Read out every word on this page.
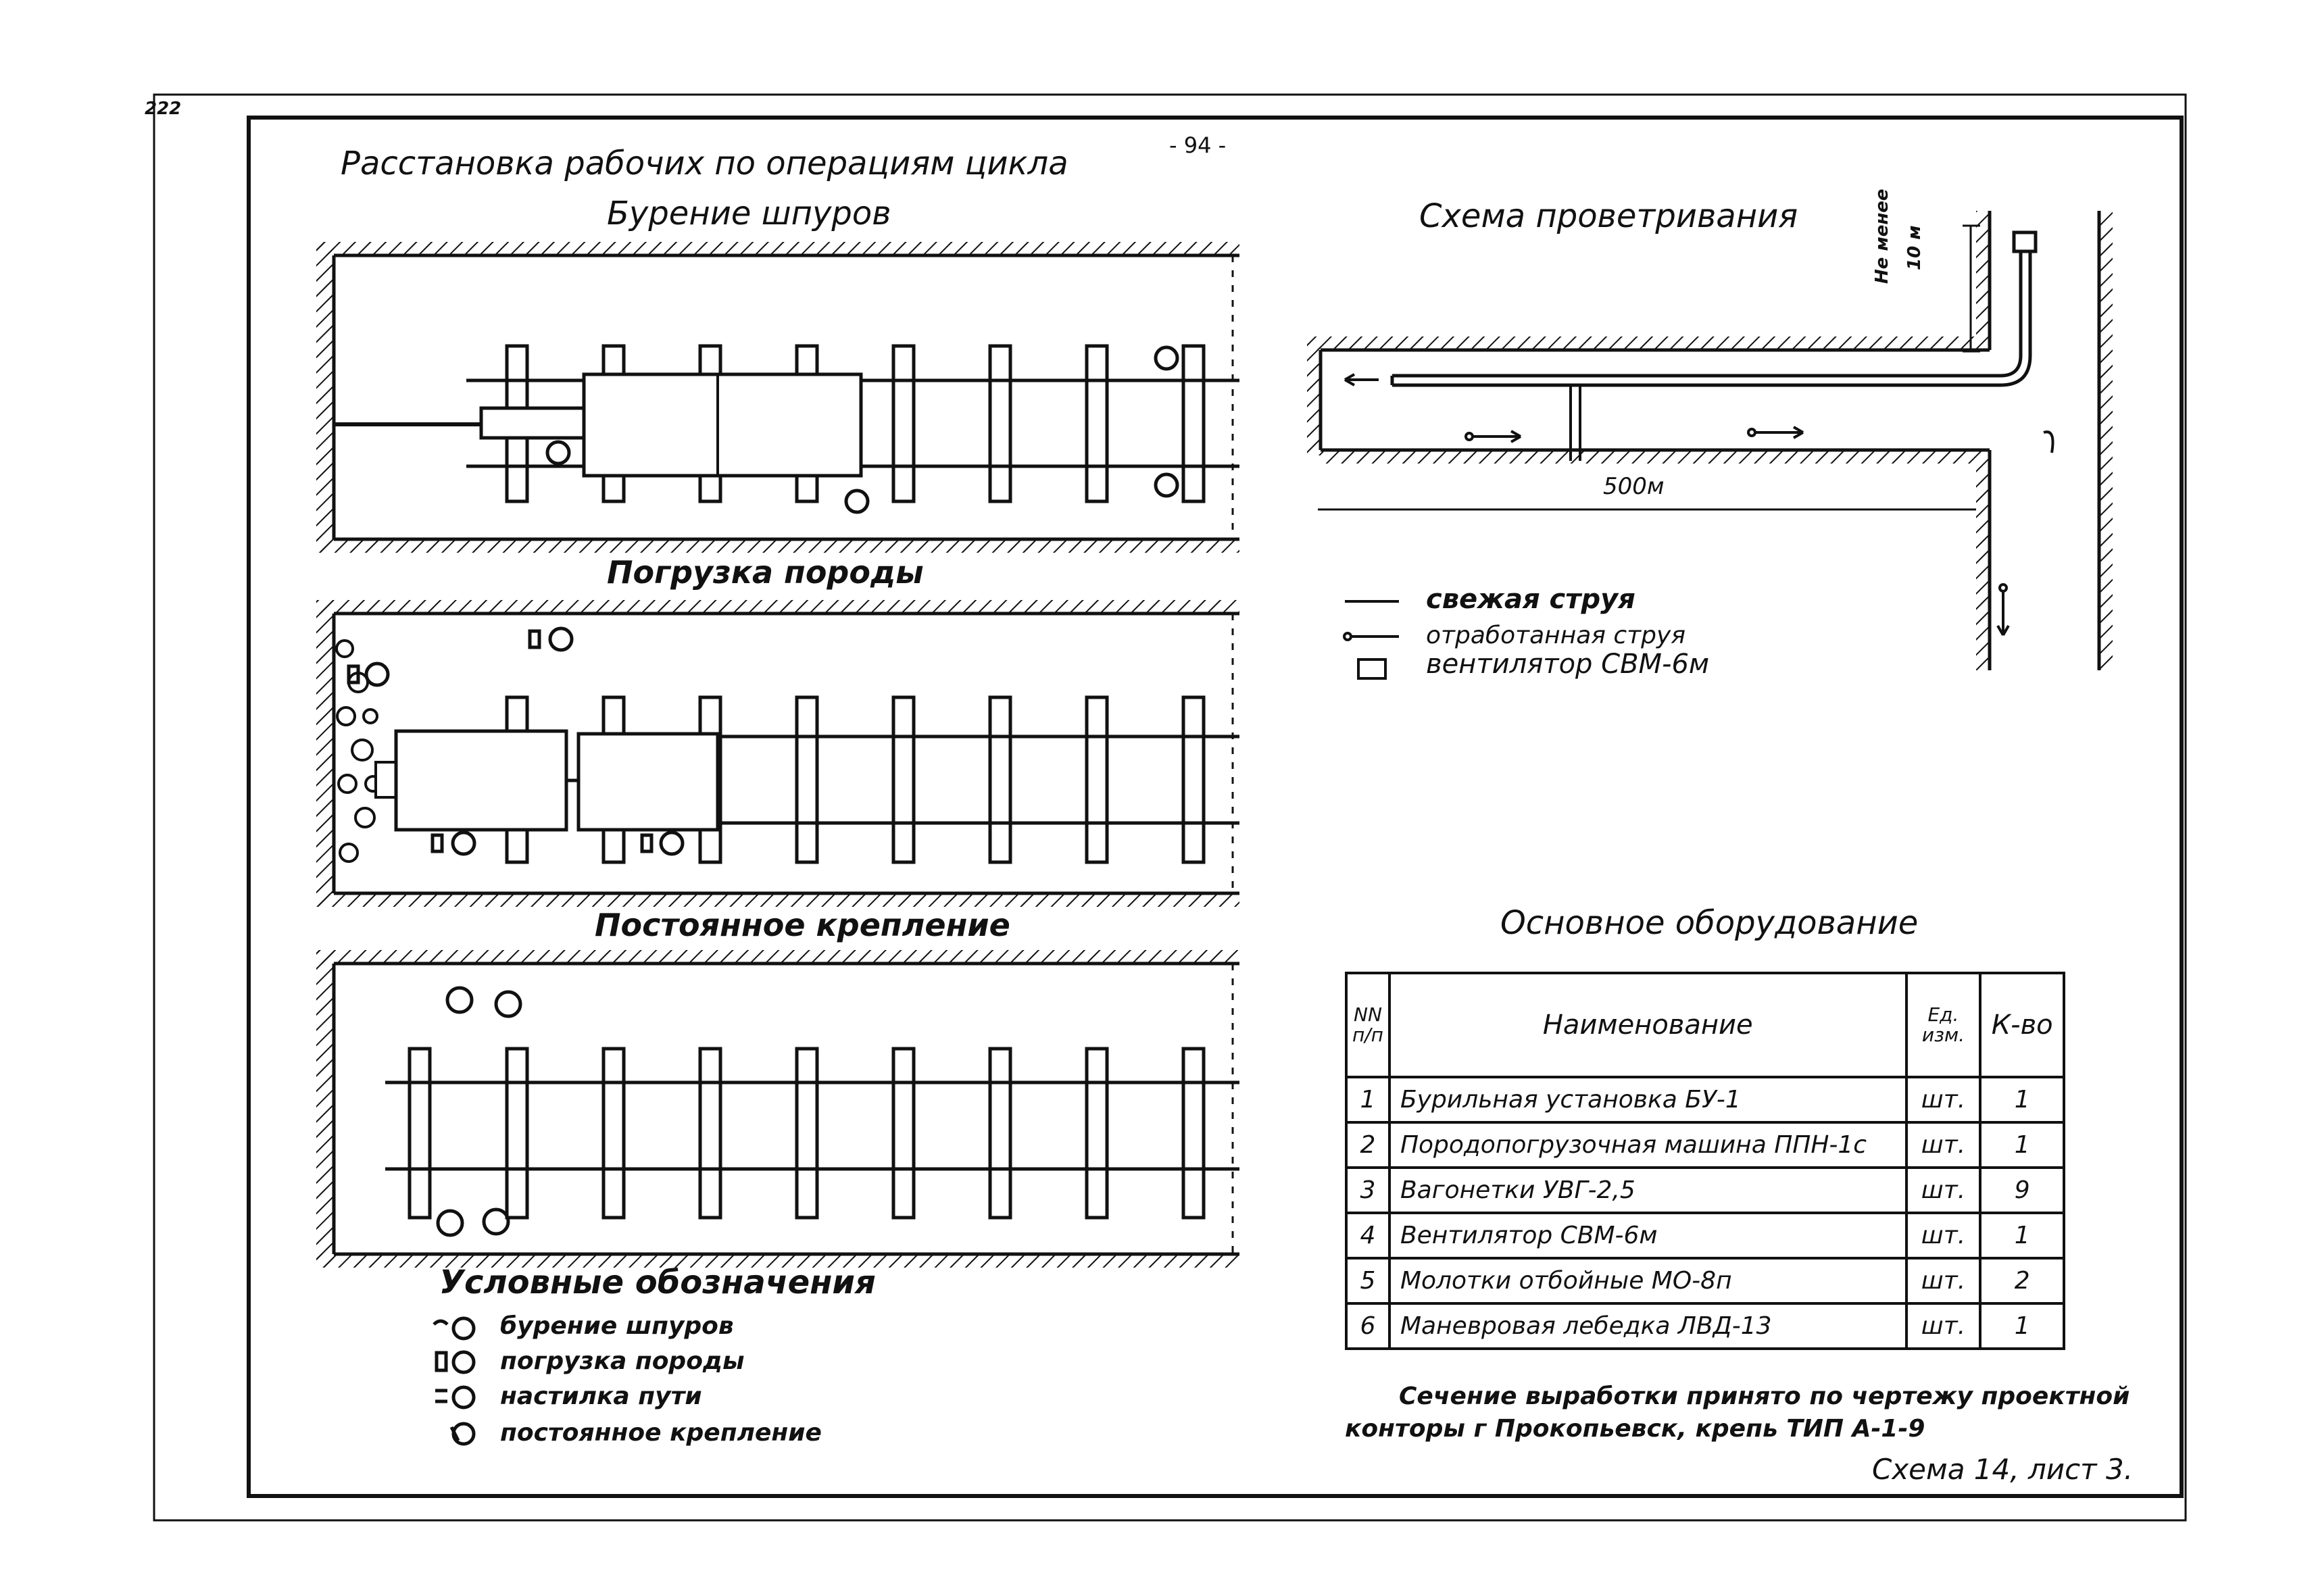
222
- 94 -
Расстановка рабочих по операциям цикла
Бурение шпуров
Погрузка породы
Постоянное крепление
Условные обозначения
бурение шпуров
погрузка породы
настилка пути
постоянное крепление
Схема проветривания
500м
Не менее 10 м
свежая струя
отработанная струя
вентилятор СВМ-6м
Основное оборудование
NN п/п	Наименование	Ед. изм.	К-во
1	Бурильная установка БУ-1	шт.	1
2	Породопогрузочная машина ППН-1с	шт.	1
3	Вагонетки УВГ-2,5	шт.	9
4	Вентилятор СВМ-6м	шт.	1
5	Молотки отбойные МО-8п	шт.	2
6	Маневровая лебедка ЛВД-13	шт.	1
Сечение выработки принято по чертежу проектной
конторы г Прокопьевск, крепь ТИП А-1-9
Схема 14, лист 3.
